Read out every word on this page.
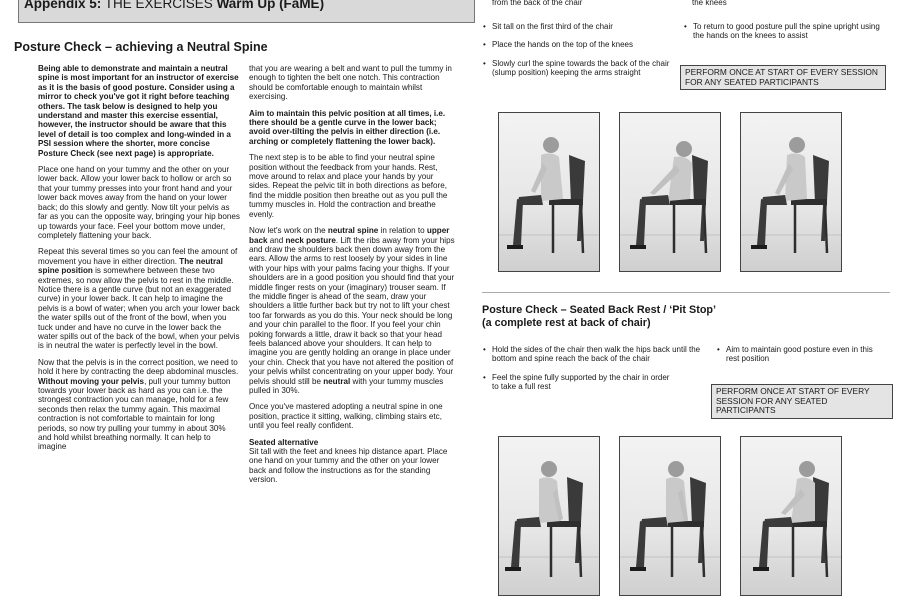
Appendix 5: THE EXERCISES Warm Up (FaME)
Posture Check – achieving a Neutral Spine

Being able to demonstrate and maintain a neutral spine is most important for an instructor of exercise as it is the basis of good posture. Consider using a mirror to check you've got it right before teaching others. The task below is designed to help you understand and master this exercise essential, however, the instructor should be aware that this level of detail is too complex and long-winded in a PSI session where the shorter, more concise Posture Check (see next page) is appropriate.

Place one hand on your tummy and the other on your lower back. Allow your lower back to hollow or arch so that your tummy presses into your front hand and your lower back moves away from the hand on your lower back; do this slowly and gently. Now tilt your pelvis as far as you can the opposite way, bringing your hip bones up towards your face. Feel your bottom move under, completely flattening your back.

Repeat this several times so you can feel the amount of movement you have in either direction. The neutral spine position is somewhere between these two extremes, so now allow the pelvis to rest in the middle. Notice there is a gentle curve (but not an exaggerated curve) in your lower back. It can help to imagine the pelvis is a bowl of water; when you arch your lower back the water spills out of the front of the bowl, when you tuck under and have no curve in the lower back the water spills out of the back of the bowl, when your pelvis is in neutral the water is perfectly level in the bowl.

Now that the pelvis is in the correct position, we need to hold it here by contracting the deep abdominal muscles. Without moving your pelvis, pull your tummy button towards your lower back as hard as you can i.e. the strongest contraction you can manage, hold for a few seconds then relax the tummy again. This maximal contraction is not comfortable to maintain for long periods, so now try pulling your tummy in about 30% and hold whilst breathing normally. It can help to imagine

that you are wearing a belt and want to pull the tummy in enough to tighten the belt one notch. This contraction should be comfortable enough to maintain whilst exercising.

Aim to maintain this pelvic position at all times, i.e. there should be a gentle curve in the lower back; avoid over-tilting the pelvis in either direction (i.e. arching or completely flattening the lower back).

The next step is to be able to find your neutral spine position without the feedback from your hands. Rest, move around to relax and place your hands by your sides. Repeat the pelvic tilt in both directions as before, find the middle position then breathe out as you pull the tummy muscles in. Hold the contraction and breathe evenly.

Now let's work on the neutral spine in relation to upper back and neck posture. Lift the ribs away from your hips and draw the shoulders back then down away from the ears. Allow the arms to rest loosely by your sides in line with your hips with your palms facing your thighs. If your shoulders are in a good position you should find that your middle finger rests on your (imaginary) trouser seam. If the middle finger is ahead of the seam, draw your shoulders a little further back but try not to lift your chest too far forwards as you do this. Your neck should be long and your chin parallel to the floor. If you feel your chin poking forwards a little, draw it back so that your head feels balanced above your shoulders. It can help to imagine you are gently holding an orange in place under your chin. Check that you have not altered the position of your pelvis whilst concentrating on your upper body. Your pelvis should still be neutral with your tummy muscles pulled in 30%.

Once you've mastered adopting a neutral spine in one position, practice it sitting, walking, climbing stairs etc, until you feel really confident.

Seated alternative

Sit tall with the feet and knees hip distance apart. Place one hand on your tummy and the other on your lower back and follow the instructions as for the standing version.

from the back of the chair	the knees
• Sit tall on the first third of the chair
• Place the hands on the top of the knees
• Slowly curl the spine towards the back of the chair (slump position) keeping the arms straight
• To return to good posture pull the spine upright using the hands on the knees to assist
PERFORM ONCE AT START OF EVERY SESSION FOR ANY SEATED PARTICIPANTS
Posture Check – Seated Back Rest / ‘Pit Stop’
(a complete rest at back of chair)
• Hold the sides of the chair then walk the hips back until the bottom and spine reach the back of the chair
• Feel the spine fully supported by the chair in order to take a full rest
• Aim to maintain good posture even in this rest position
PERFORM ONCE AT START OF EVERY SESSION FOR ANY SEATED PARTICIPANTS
